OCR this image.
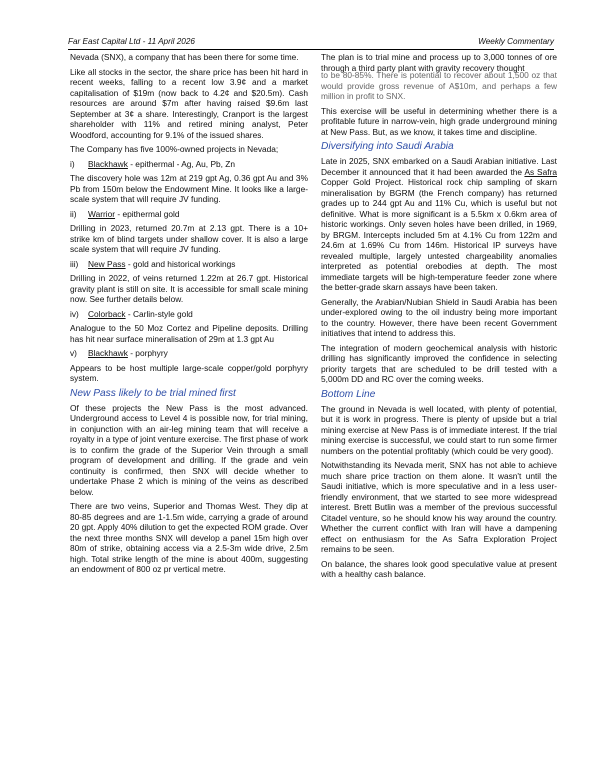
Far East Capital Ltd - 11 April 2026	Weekly Commentary

Nevada (SNX), a company that has been there for some time.

Like all stocks in the sector, the share price has been hit hard in recent weeks, falling to a recent low 3.9¢ and a market capitalisation of $19m (now back to 4.2¢ and $20.5m). Cash resources are around $7m after having raised $9.6m last September at 3¢ a share. Interestingly, Cranport is the largest shareholder with 11% and retired mining analyst, Peter Woodford, accounting for 9.1% of the issued shares.

The Company has five 100%-owned projects in Nevada;

i)	Blackhawk - epithermal - Ag, Au, Pb, Zn

The discovery hole was 12m at 219 gpt Ag, 0.36 gpt Au and 3% Pb from 150m below the Endowment Mine. It looks like a large-scale system that will require JV funding.

ii)	Warrior - epithermal gold

Drilling in 2023, returned 20.7m at 2.13 gpt. There is a 10+ strike km of blind targets under shallow cover. It is also a large scale system that will require JV funding.

iii)	New Pass - gold and historical workings

Drilling in 2022, of veins returned 1.22m at 26.7 gpt. Historical gravity plant is still on site. It is accessible for small scale mining now. See further details below.

iv)	Colorback - Carlin-style gold

Analogue to the 50 Moz Cortez and Pipeline deposits. Drilling has hit near surface mineralisation of 29m at 1.3 gpt Au

v)	Blackhawk - porphyry

Appears to be host multiple large-scale copper/gold porphyry system.

New Pass likely to be trial mined first

Of these projects the New Pass is the most advanced. Underground access to Level 4 is possible now, for trial mining, in conjunction with an air-leg mining team that will receive a royalty in a type of joint venture exercise. The first phase of work is to confirm the grade of the Superior Vein through a small program of development and drilling. If the grade and vein continuity is confirmed, then SNX will decide whether to undertake Phase 2 which is mining of the veins as described below.

There are two veins, Superior and Thomas West. They dip at 80-85 degrees and are 1-1.5m wide, carrying a grade of around 20 gpt. Apply 40% dilution to get the expected ROM grade. Over the next three months SNX will develop a panel 15m high over 80m of strike, obtaining access via a 2.5-3m wide drive, 2.5m high. Total strike length of the mine is about 400m, suggesting an endowment of 800 oz pr vertical metre.

The plan is to trial mine and process up to 3,000 tonnes of ore through a third party plant with gravity recovery thought

to be 80-85%. There is potential to recover about 1,500 oz that would provide gross revenue of A$10m, and perhaps a few million in profit to SNX.

This exercise will be useful in determining whether there is a profitable future in narrow-vein, high grade underground mining at New Pass. But, as we know, it takes time and discipline.

Diversifying into Saudi Arabia

Late in 2025, SNX embarked on a Saudi Arabian initiative. Last December it announced that it had been awarded the As Safra Copper Gold Project. Historical rock chip sampling of skarn mineralisation by BGRM (the French company) has returned grades up to 244 gpt Au and 11% Cu, which is useful but not definitive. What is more significant is a 5.5km x 0.6km area of historic workings. Only seven holes have been drilled, in 1969, by BRGM. Intercepts included 5m at 4.1% Cu from 122m and 24.6m at 1.69% Cu from 146m. Historical IP surveys have revealed multiple, largely untested chargeability anomalies interpreted as potential orebodies at depth. The most immediate targets will be high-temperature feeder zone where the better-grade skarn assays have been taken.

Generally, the Arabian/Nubian Shield in Saudi Arabia has been under-explored owing to the oil industry being more important to the country. However, there have been recent Government initiatives that intend to address this.

The integration of modern geochemical analysis with historic drilling has significantly improved the confidence in selecting priority targets that are scheduled to be drill tested with a 5,000m DD and RC over the coming weeks.

Bottom Line

The ground in Nevada is well located, with plenty of potential, but it is work in progress. There is plenty of upside but a trial mining exercise at New Pass is of immediate interest. If the trial mining exercise is successful, we could start to run some firmer numbers on the potential profitably (which could be very good).

Notwithstanding its Nevada merit, SNX has not able to achieve much share price traction on them alone. It wasn't until the Saudi initiative, which is more speculative and in a less user-friendly environment, that we started to see more widespread interest. Brett Butlin was a member of the previous successful Citadel venture, so he should know his way around the country. Whether the current conflict with Iran will have a dampening effect on enthusiasm for the As Safra Exploration Project remains to be seen.

On balance, the shares look good speculative value at present with a healthy cash balance.
